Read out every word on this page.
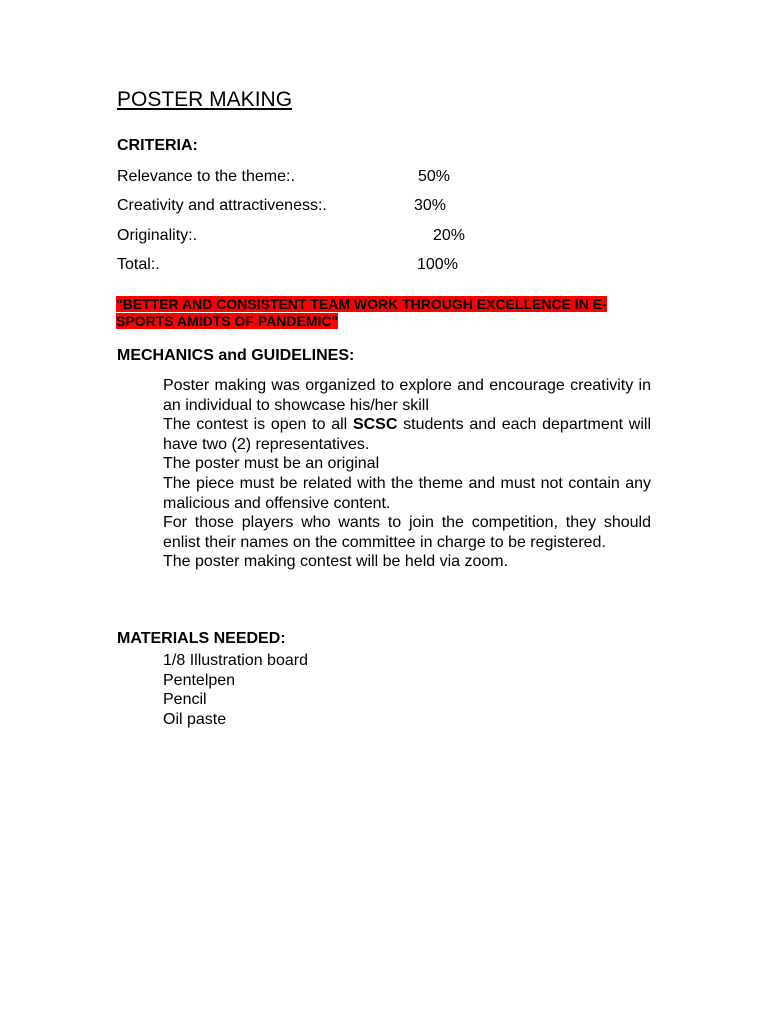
POSTER MAKING
CRITERIA:
Relevance to the theme:.	50%
Creativity and attractiveness:.	30%
Originality:.	20%
Total:.	100%

"BETTER AND CONSISTENT TEAM WORK THROUGH EXCELLENCE IN E-SPORTS AMIDTS OF PANDEMIC"

MECHANICS and GUIDELINES:
Poster making was organized to explore and encourage creativity in an individual to showcase his/her skill
The contest is open to all SCSC students and each department will have two (2) representatives.
The poster must be an original
The piece must be related with the theme and must not contain any malicious and offensive content.
For those players who wants to join the competition, they should enlist their names on the committee in charge to be registered.
The poster making contest will be held via zoom.
MATERIALS NEEDED:
1/8 Illustration board
Pentelpen
Pencil
Oil paste
